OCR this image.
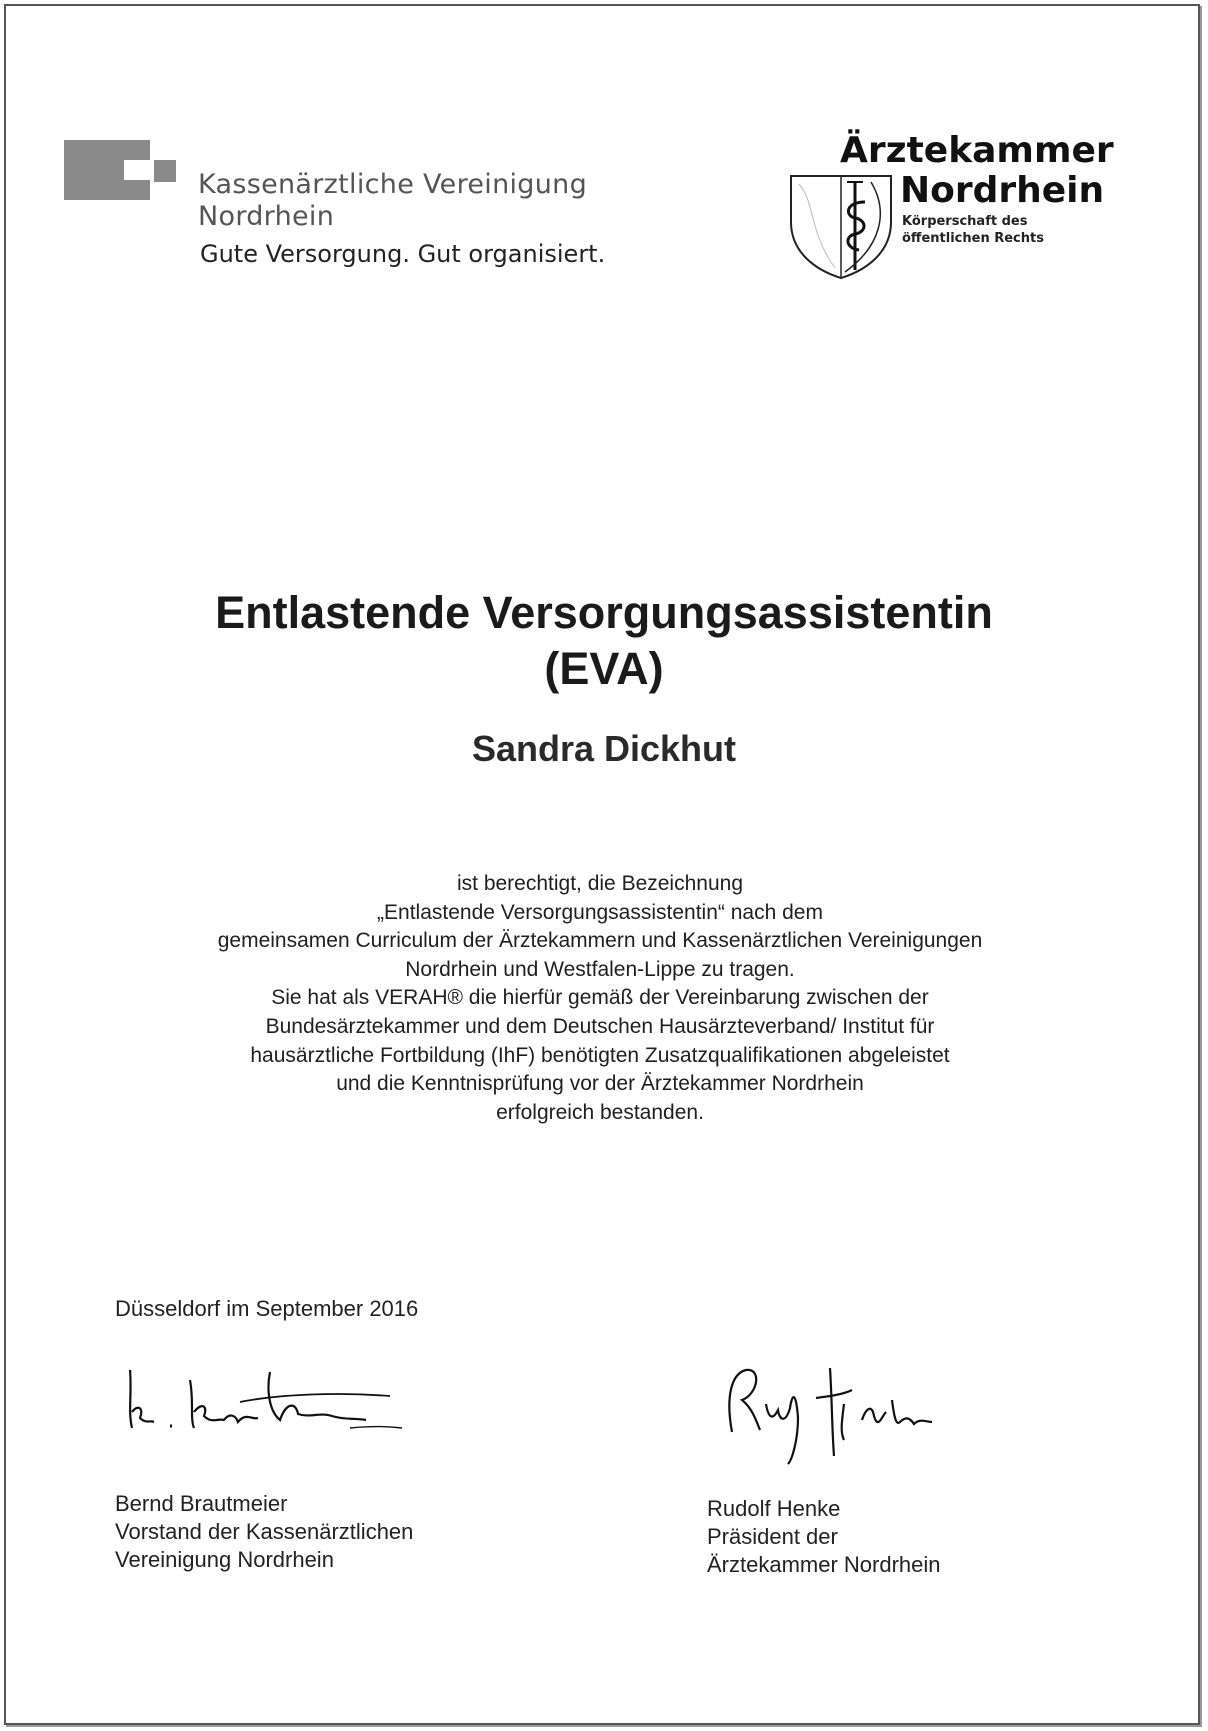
Kassenärztliche Vereinigung
Nordrhein
Gute Versorgung. Gut organisiert.
Ärztekammer
Nordrhein
Körperschaft des
öffentlichen Rechts
Entlastende Versorgungsassistentin
(EVA)
Sandra Dickhut
ist berechtigt, die Bezeichnung
„Entlastende Versorgungsassistentin“ nach dem
gemeinsamen Curriculum der Ärztekammern und Kassenärztlichen Vereinigungen
Nordrhein und Westfalen-Lippe zu tragen.
Sie hat als VERAH® die hierfür gemäß der Vereinbarung zwischen der
Bundesärztekammer und dem Deutschen Hausärzteverband/ Institut für
hausärztliche Fortbildung (IhF) benötigten Zusatzqualifikationen abgeleistet
und die Kenntnisprüfung vor der Ärztekammer Nordrhein
erfolgreich bestanden.
Düsseldorf im September 2016
Bernd Brautmeier
Vorstand der Kassenärztlichen
Vereinigung Nordrhein
Rudolf Henke
Präsident der
Ärztekammer Nordrhein
